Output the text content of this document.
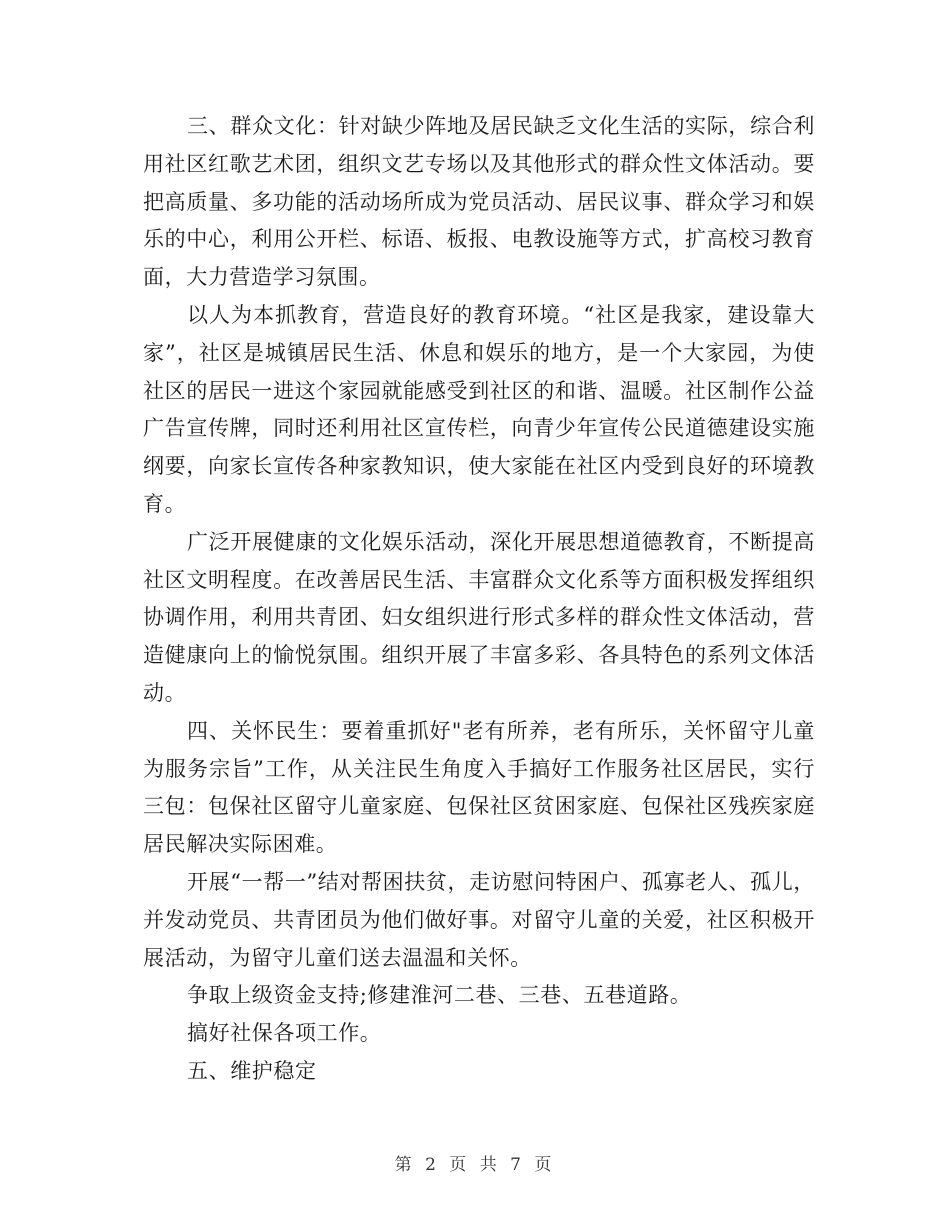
三、群众文化：针对缺少阵地及居民缺乏文化生活的实际，综合利用社区红歌艺术团，组织文艺专场以及其他形式的群众性文体活动。要把高质量、多功能的活动场所成为党员活动、居民议事、群众学习和娱乐的中心，利用公开栏、标语、板报、电教设施等方式，扩高校习教育面，大力营造学习氛围。

以人为本抓教育，营造良好的教育环境。“社区是我家，建设靠大家”，社区是城镇居民生活、休息和娱乐的地方，是一个大家园，为使社区的居民一进这个家园就能感受到社区的和谐、温暖。社区制作公益广告宣传牌，同时还利用社区宣传栏，向青少年宣传公民道德建设实施纲要，向家长宣传各种家教知识，使大家能在社区内受到良好的环境教育。

广泛开展健康的文化娱乐活动，深化开展思想道德教育，不断提高社区文明程度。在改善居民生活、丰富群众文化系等方面积极发挥组织协调作用，利用共青团、妇女组织进行形式多样的群众性文体活动，营造健康向上的愉悦氛围。组织开展了丰富多彩、各具特色的系列文体活动。

四、关怀民生：要着重抓好"老有所养，老有所乐，关怀留守儿童为服务宗旨”工作，从关注民生角度入手搞好工作服务社区居民，实行三包：包保社区留守儿童家庭、包保社区贫困家庭、包保社区残疾家庭居民解决实际困难。

开展“一帮一”结对帮困扶贫，走访慰问特困户、孤寡老人、孤儿，并发动党员、共青团员为他们做好事。对留守儿童的关爱，社区积极开展活动，为留守儿童们送去温温和关怀。

争取上级资金支持;修建淮河二巷、三巷、五巷道路。

搞好社保各项工作。

五、维护稳定

第 2 页 共 7 页
